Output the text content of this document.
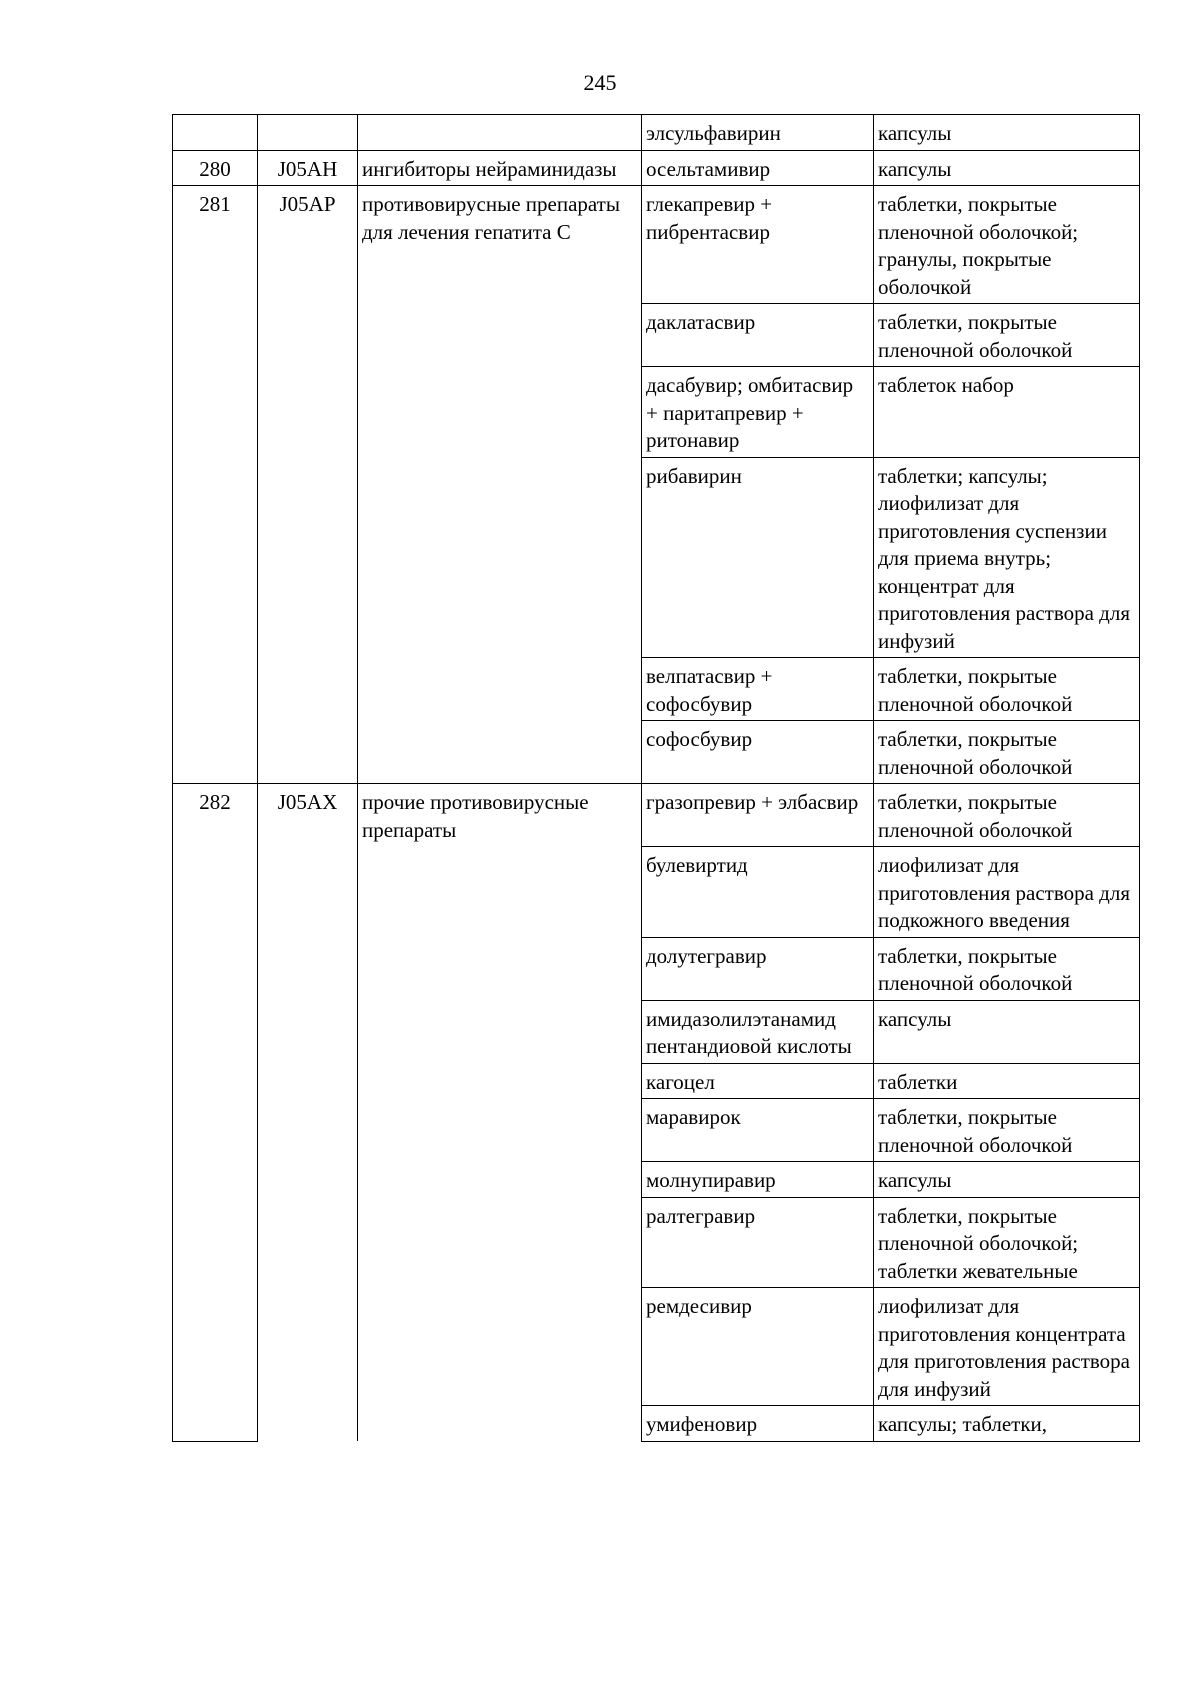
245
			элсульфавирин	капсулы
280	J05AH	ингибиторы нейраминидазы	осельтамивир	капсулы
281	J05AP	противовирусные препараты для лечения гепатита C	глекапревир + пибрентасвир	таблетки, покрытые пленочной оболочкой; гранулы, покрытые оболочкой
			даклатасвир	таблетки, покрытые пленочной оболочкой
			дасабувир; омбитасвир + паритапревир + ритонавир	таблеток набор
			рибавирин	таблетки; капсулы; лиофилизат для приготовления суспензии для приема внутрь; концентрат для приготовления раствора для инфузий
			велпатасвир + софосбувир	таблетки, покрытые пленочной оболочкой
			софосбувир	таблетки, покрытые пленочной оболочкой
282	J05AX	прочие противовирусные препараты	гразопревир + элбасвир	таблетки, покрытые пленочной оболочкой
			булевиртид	лиофилизат для приготовления раствора для подкожного введения
			долутегравир	таблетки, покрытые пленочной оболочкой
			имидазолилэтанамид пентандиовой кислоты	капсулы
			кагоцел	таблетки
			маравирок	таблетки, покрытые пленочной оболочкой
			молнупиравир	капсулы
			ралтегравир	таблетки, покрытые пленочной оболочкой; таблетки жевательные
			ремдесивир	лиофилизат для приготовления концентрата для приготовления раствора для инфузий
			умифеновир	капсулы; таблетки,
